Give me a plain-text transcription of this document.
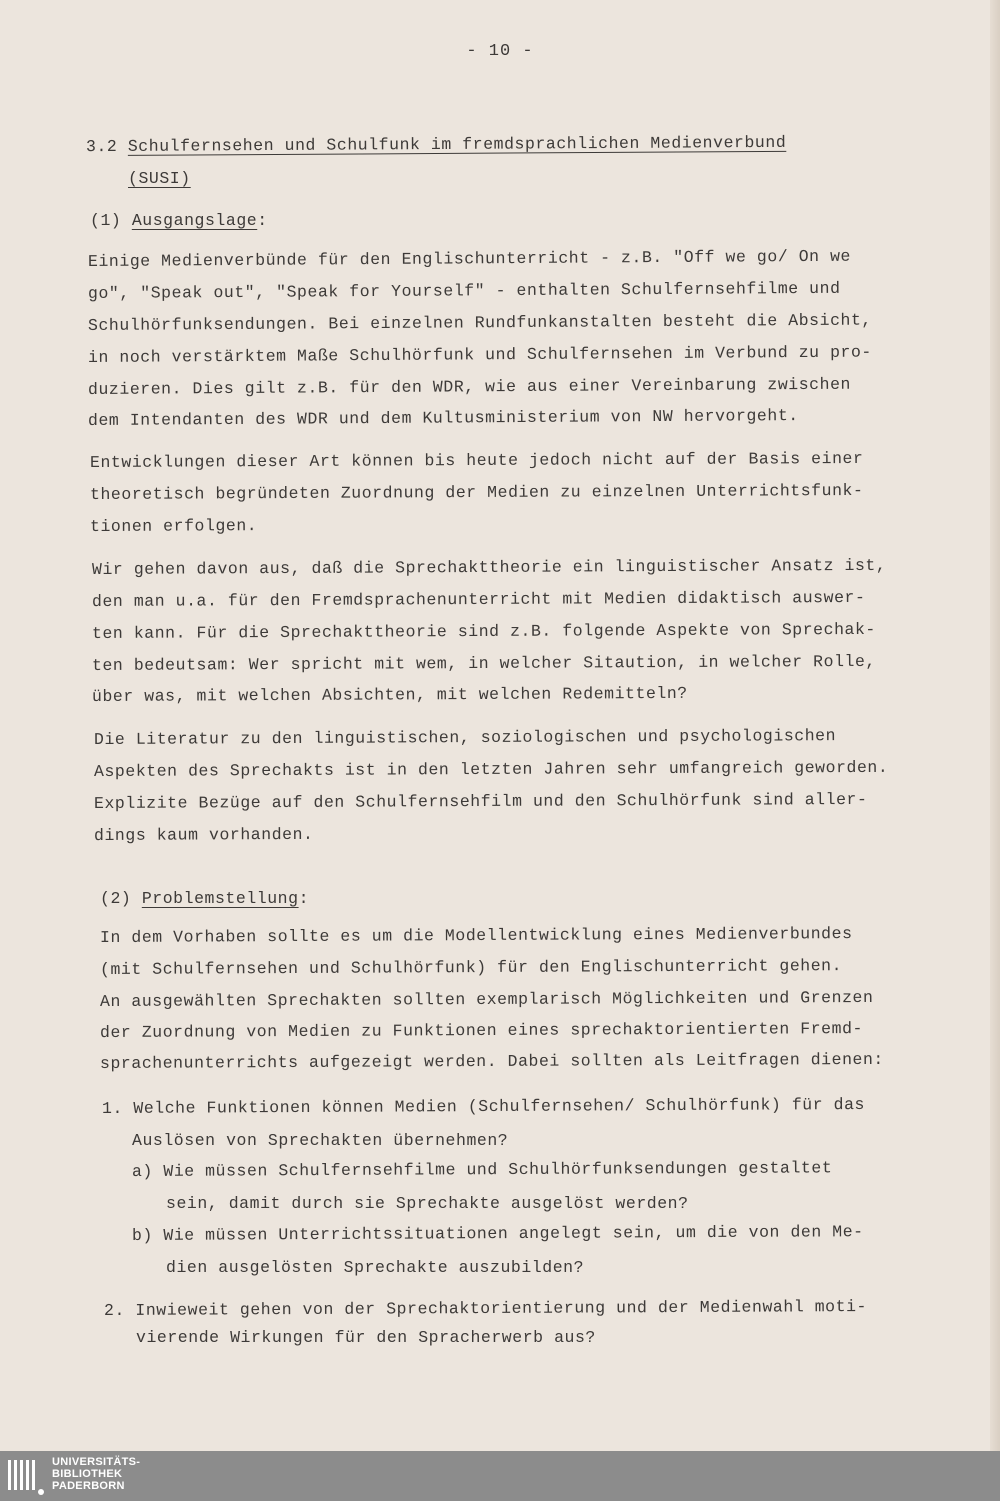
- 10 -
3.2 Schulfernsehen und Schulfunk im fremdsprachlichen Medienverbund
(SUSI)
(1) Ausgangslage:
Einige Medienverbünde für den Englischunterricht - z.B. "Off we go/ On we
go", "Speak out", "Speak for Yourself" - enthalten Schulfernsehfilme und
Schulhörfunksendungen. Bei einzelnen Rundfunkanstalten besteht die Absicht,
in noch verstärktem Maße Schulhörfunk und Schulfernsehen im Verbund zu pro-
duzieren. Dies gilt z.B. für den WDR, wie aus einer Vereinbarung zwischen
dem Intendanten des WDR und dem Kultusministerium von NW hervorgeht.
Entwicklungen dieser Art können bis heute jedoch nicht auf der Basis einer
theoretisch begründeten Zuordnung der Medien zu einzelnen Unterrichtsfunk-
tionen erfolgen.
Wir gehen davon aus, daß die Sprechakttheorie ein linguistischer Ansatz ist,
den man u.a. für den Fremdsprachenunterricht mit Medien didaktisch auswer-
ten kann. Für die Sprechakttheorie sind z.B. folgende Aspekte von Sprechak-
ten bedeutsam: Wer spricht mit wem, in welcher Sitaution, in welcher Rolle,
über was, mit welchen Absichten, mit welchen Redemitteln?
Die Literatur zu den linguistischen, soziologischen und psychologischen
Aspekten des Sprechakts ist in den letzten Jahren sehr umfangreich geworden.
Explizite Bezüge auf den Schulfernsehfilm und den Schulhörfunk sind aller-
dings kaum vorhanden.
(2) Problemstellung:
In dem Vorhaben sollte es um die Modellentwicklung eines Medienverbundes
(mit Schulfernsehen und Schulhörfunk) für den Englischunterricht gehen.
An ausgewählten Sprechakten sollten exemplarisch Möglichkeiten und Grenzen
der Zuordnung von Medien zu Funktionen eines sprechaktorientierten Fremd-
sprachenunterrichts aufgezeigt werden. Dabei sollten als Leitfragen dienen:
1. Welche Funktionen können Medien (Schulfernsehen/ Schulhörfunk) für das
Auslösen von Sprechakten übernehmen?
a) Wie müssen Schulfernsehfilme und Schulhörfunksendungen gestaltet
sein, damit durch sie Sprechakte ausgelöst werden?
b) Wie müssen Unterrichtssituationen angelegt sein, um die von den Me-
dien ausgelösten Sprechakte auszubilden?
2. Inwieweit gehen von der Sprechaktorientierung und der Medienwahl moti-
vierende Wirkungen für den Spracherwerb aus?
UNIVERSITÄTS-
BIBLIOTHEK
PADERBORN
